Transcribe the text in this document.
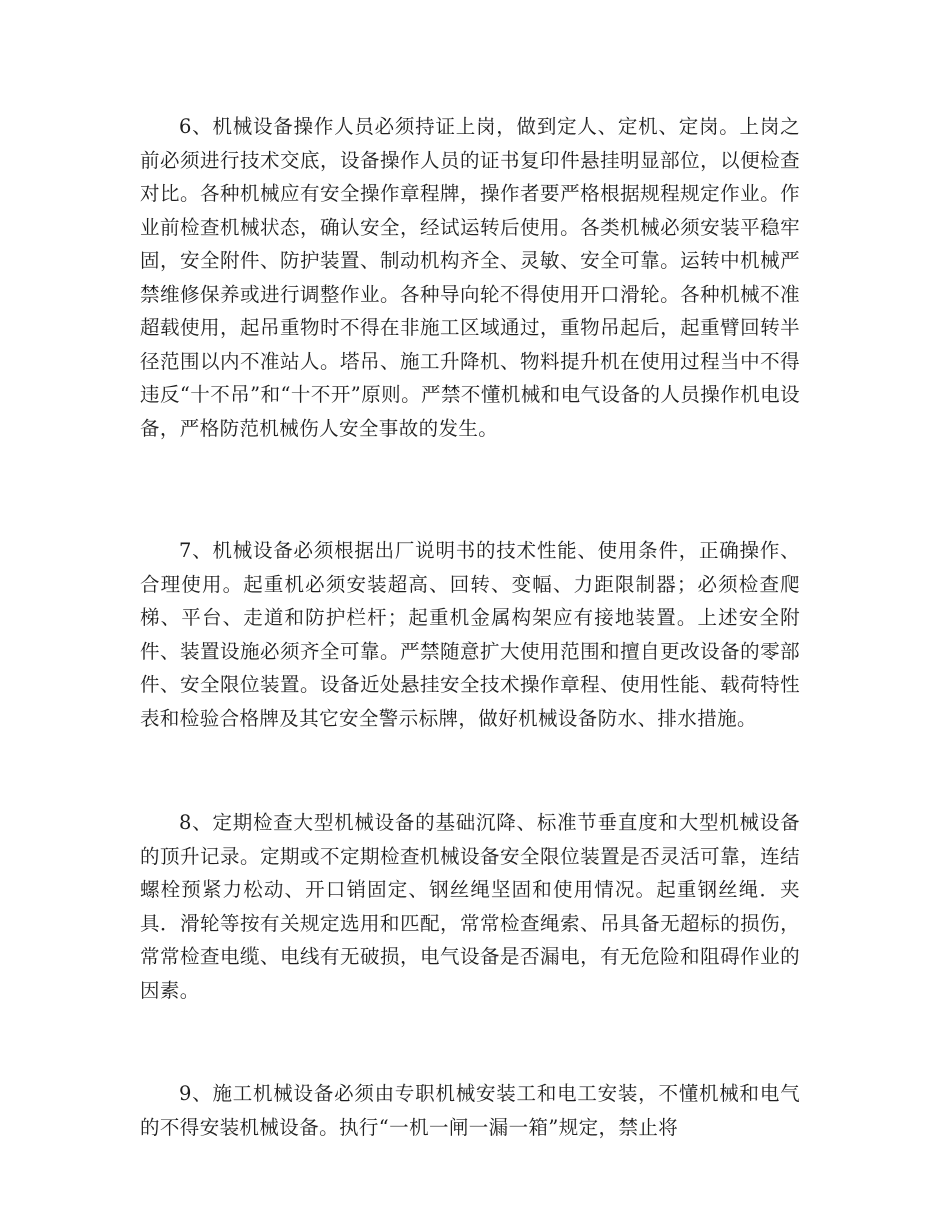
6、机械设备操作人员必须持证上岗，做到定人、定机、定岗。上岗之前必须进行技术交底，设备操作人员的证书复印件悬挂明显部位，以便检查对比。各种机械应有安全操作章程牌，操作者要严格根据规程规定作业。作业前检查机械状态，确认安全，经试运转后使用。各类机械必须安装平稳牢固，安全附件、防护装置、制动机构齐全、灵敏、安全可靠。运转中机械严禁维修保养或进行调整作业。各种导向轮不得使用开口滑轮。各种机械不准超载使用，起吊重物时不得在非施工区域通过，重物吊起后，起重臂回转半径范围以内不准站人。塔吊、施工升降机、物料提升机在使用过程当中不得违反“十不吊”和“十不开”原则。严禁不懂机械和电气设备的人员操作机电设备，严格防范机械伤人安全事故的发生。

7、机械设备必须根据出厂说明书的技术性能、使用条件，正确操作、合理使用。起重机必须安装超高、回转、变幅、力距限制器；必须检查爬梯、平台、走道和防护栏杆；起重机金属构架应有接地装置。上述安全附件、装置设施必须齐全可靠。严禁随意扩大使用范围和擅自更改设备的零部件、安全限位装置。设备近处悬挂安全技术操作章程、使用性能、载荷特性表和检验合格牌及其它安全警示标牌，做好机械设备防水、排水措施。

8、定期检查大型机械设备的基础沉降、标准节垂直度和大型机械设备的顶升记录。定期或不定期检查机械设备安全限位装置是否灵活可靠，连结螺栓预紧力松动、开口销固定、钢丝绳坚固和使用情况。起重钢丝绳．夹具．滑轮等按有关规定选用和匹配，常常检查绳索、吊具备无超标的损伤，常常检查电缆、电线有无破损，电气设备是否漏电，有无危险和阻碍作业的因素。

9、施工机械设备必须由专职机械安装工和电工安装，不懂机械和电气的不得安装机械设备。执行“一机一闸一漏一箱”规定，禁止将
